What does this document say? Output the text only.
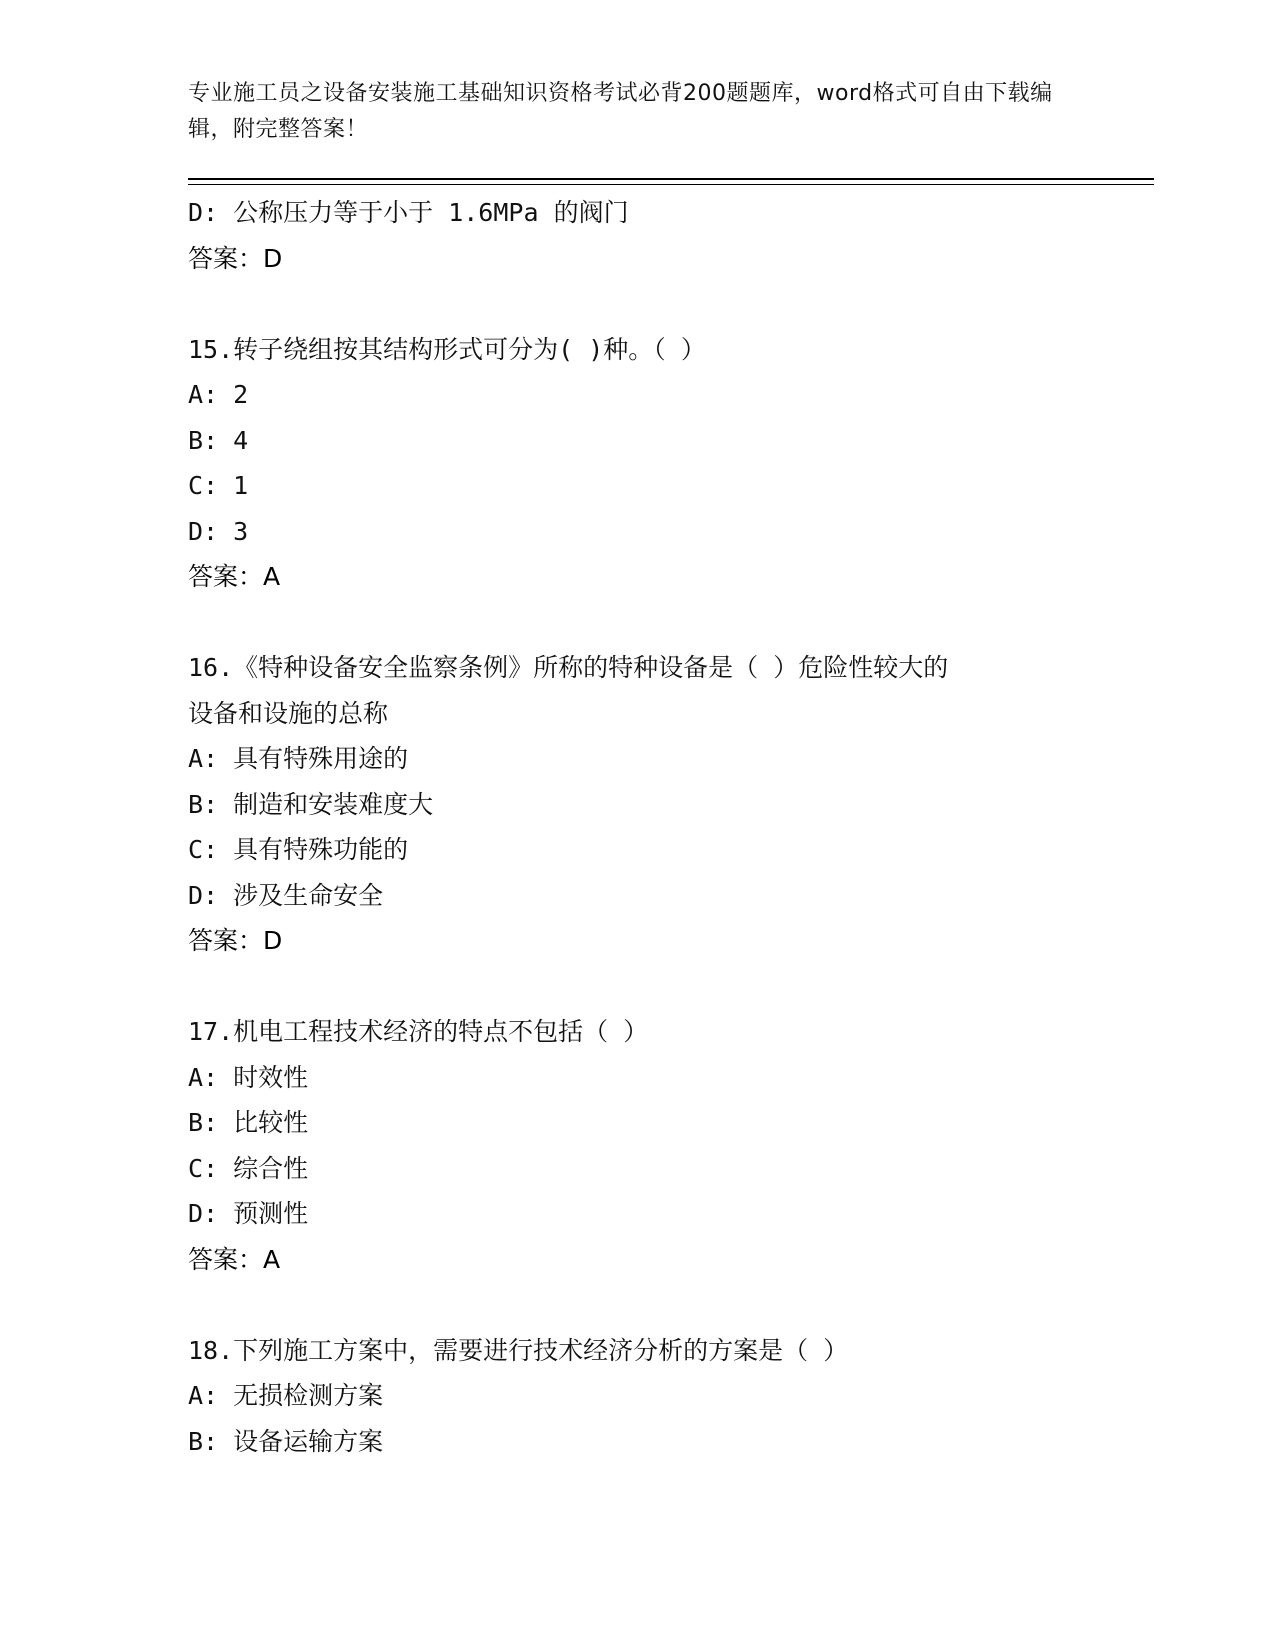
专业施工员之设备安装施工基础知识资格考试必背200题题库，word格式可自由下载编辑，附完整答案！
D: 公称压力等于小于 1.6MPa 的阀门
答案：D
15.转子绕组按其结构形式可分为( )种。（ ）
A: 2
B: 4
C: 1
D: 3
答案：A
16.《特种设备安全监察条例》所称的特种设备是（ ）危险性较大的
设备和设施的总称
A: 具有特殊用途的
B: 制造和安装难度大
C: 具有特殊功能的
D: 涉及生命安全
答案：D
17.机电工程技术经济的特点不包括（ ）
A: 时效性
B: 比较性
C: 综合性
D: 预测性
答案：A
18.下列施工方案中，需要进行技术经济分析的方案是（ ）
A: 无损检测方案
B: 设备运输方案
